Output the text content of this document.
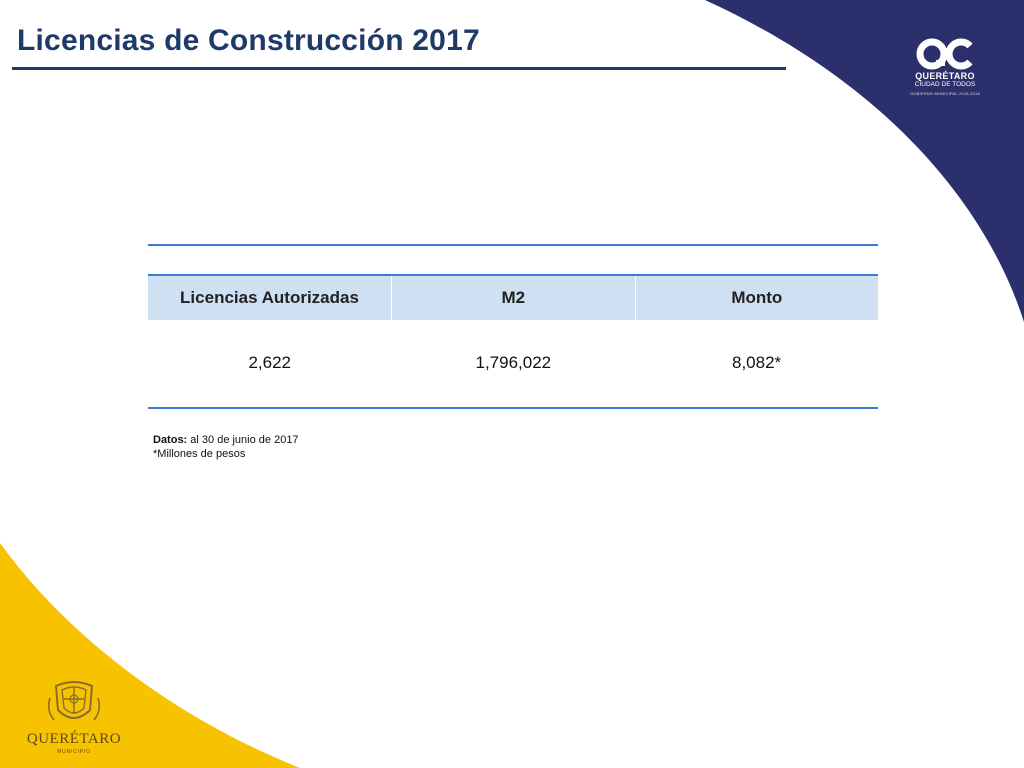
Licencias de Construcción 2017
QUERÉTARO
CIUDAD DE TODOS
GOBIERNO MUNICIPAL 2015-2018

Licencias Autorizadas	M2	Monto
2,622	1,796,022	8,082*
Datos: al 30 de junio de 2017
*Millones de pesos
QUERÉTARO
MUNICIPIO
